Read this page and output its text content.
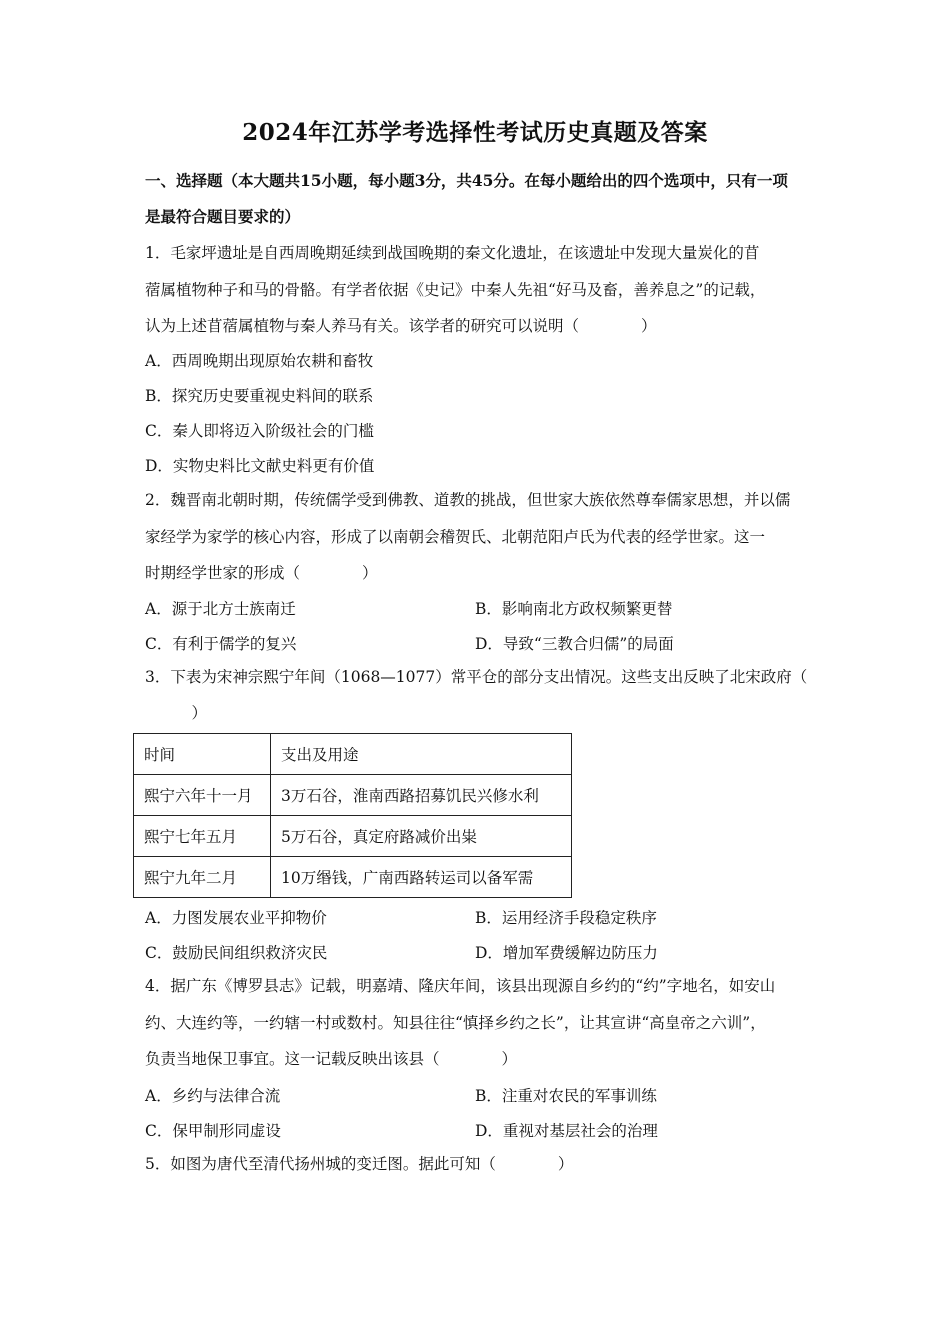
2024年江苏学考选择性考试历史真题及答案
一、选择题（本大题共15小题，每小题3分，共45分。在每小题给出的四个选项中，只有一项
是最符合题目要求的）
1．毛家坪遗址是自西周晚期延续到战国晚期的秦文化遗址，在该遗址中发现大量炭化的苜
蓿属植物种子和马的骨骼。有学者依据《史记》中秦人先祖“好马及畜，善养息之”的记载，
认为上述苜蓿属植物与秦人养马有关。该学者的研究可以说明（　　　　）
A．西周晚期出现原始农耕和畜牧
B．探究历史要重视史料间的联系
C．秦人即将迈入阶级社会的门槛
D．实物史料比文献史料更有价值
2．魏晋南北朝时期，传统儒学受到佛教、道教的挑战，但世家大族依然尊奉儒家思想，并以儒
家经学为家学的核心内容，形成了以南朝会稽贺氏、北朝范阳卢氏为代表的经学世家。这一
时期经学世家的形成（　　　　）
A．源于北方士族南迁	B．影响南北方政权频繁更替
C．有利于儒学的复兴	D．导致“三教合归儒”的局面
3．下表为宋神宗熙宁年间（1068—1077）常平仓的部分支出情况。这些支出反映了北宋政府（
　　　）
时间	支出及用途
熙宁六年十一月	3万石谷，淮南西路招募饥民兴修水利
熙宁七年五月	5万石谷，真定府路减价出粜
熙宁九年二月	10万缗钱，广南西路转运司以备军需
A．力图发展农业平抑物价	B．运用经济手段稳定秩序
C．鼓励民间组织救济灾民	D．增加军费缓解边防压力
4．据广东《博罗县志》记载，明嘉靖、隆庆年间，该县出现源自乡约的“约”字地名，如安山
约、大连约等，一约辖一村或数村。知县往往“慎择乡约之长”，让其宣讲“高皇帝之六训”，
负责当地保卫事宜。这一记载反映出该县（　　　　）
A．乡约与法律合流	B．注重对农民的军事训练
C．保甲制形同虚设	D．重视对基层社会的治理
5．如图为唐代至清代扬州城的变迁图。据此可知（　　　　）
